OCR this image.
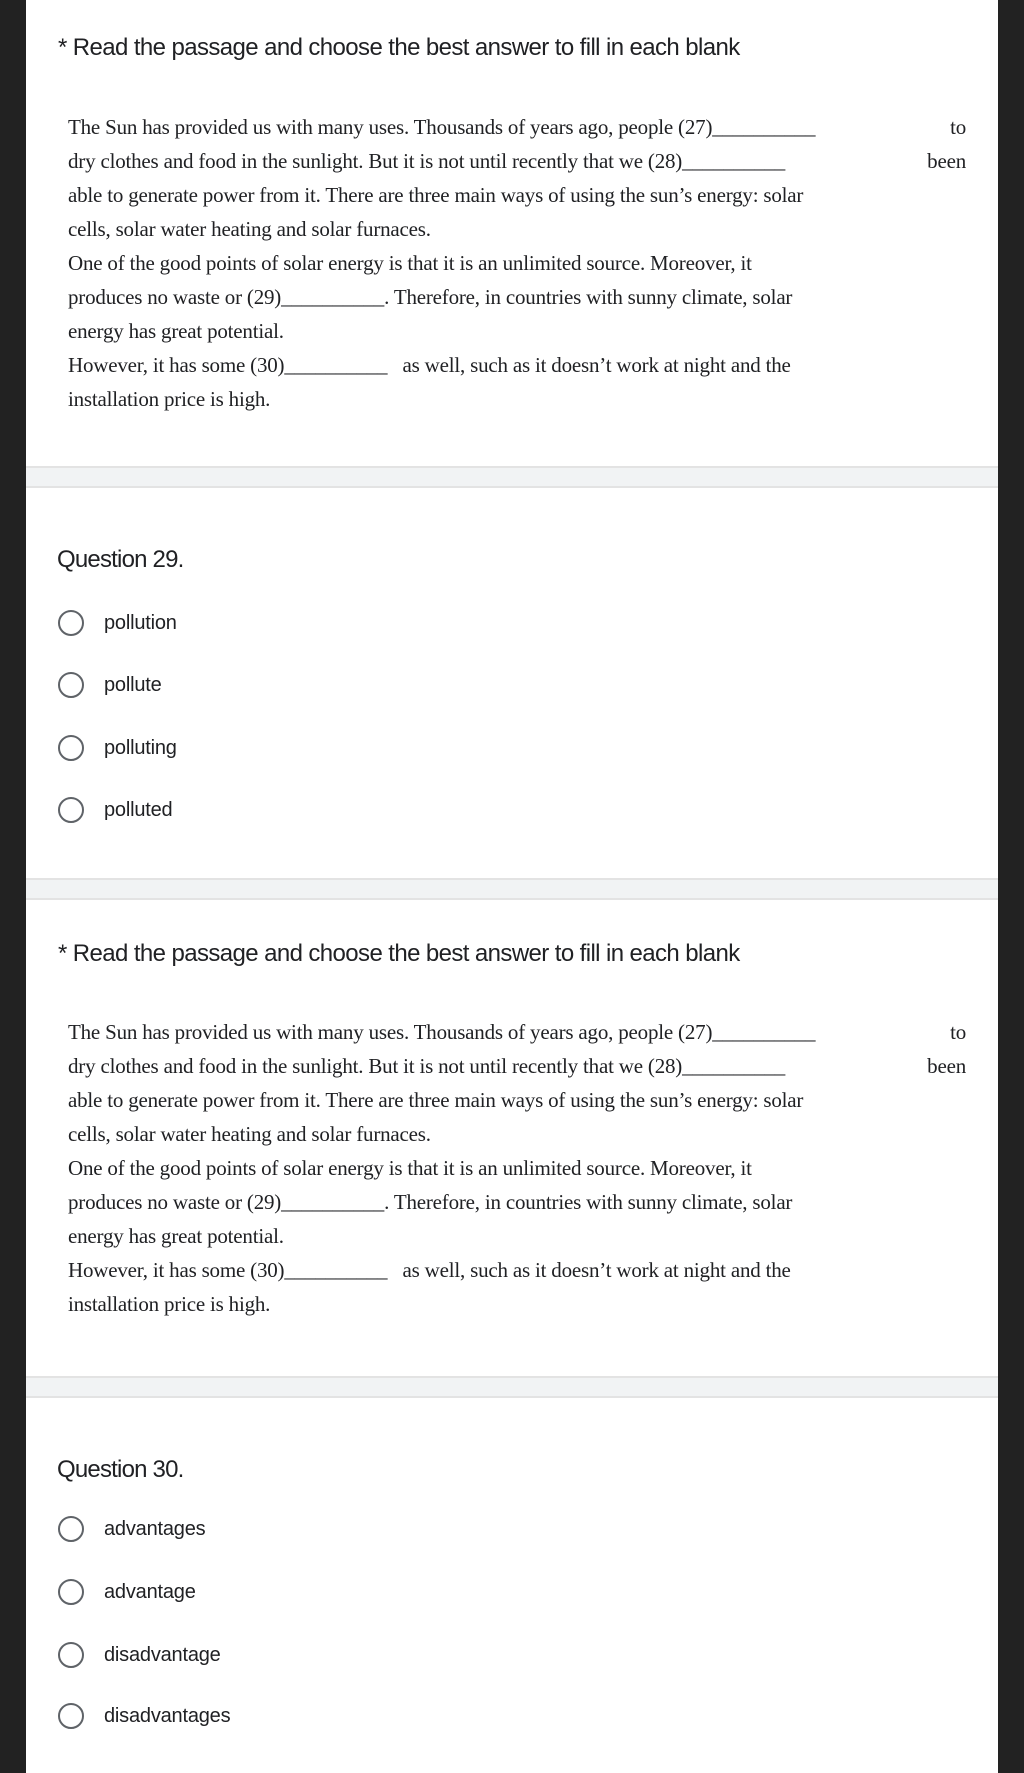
* Read the passage and choose the best answer to fill in each blank
The Sun has provided us with many uses. Thousands of years ago, people (27)__________	to
dry clothes and food in the sunlight. But it is not until recently that we (28)__________	been
able to generate power from it. There are three main ways of using the sun’s energy: solar
cells, solar water heating and solar furnaces.
One of the good points of solar energy is that it is an unlimited source. Moreover, it
produces no waste or (29)__________. Therefore, in countries with sunny climate, solar
energy has great potential.
However, it has some (30)__________   as well, such as it doesn’t work at night and the
installation price is high.
Question 29.
pollution
pollute
polluting
polluted
* Read the passage and choose the best answer to fill in each blank
The Sun has provided us with many uses. Thousands of years ago, people (27)__________	to
dry clothes and food in the sunlight. But it is not until recently that we (28)__________	been
able to generate power from it. There are three main ways of using the sun’s energy: solar
cells, solar water heating and solar furnaces.
One of the good points of solar energy is that it is an unlimited source. Moreover, it
produces no waste or (29)__________. Therefore, in countries with sunny climate, solar
energy has great potential.
However, it has some (30)__________   as well, such as it doesn’t work at night and the
installation price is high.
Question 30.
advantages
advantage
disadvantage
disadvantages
